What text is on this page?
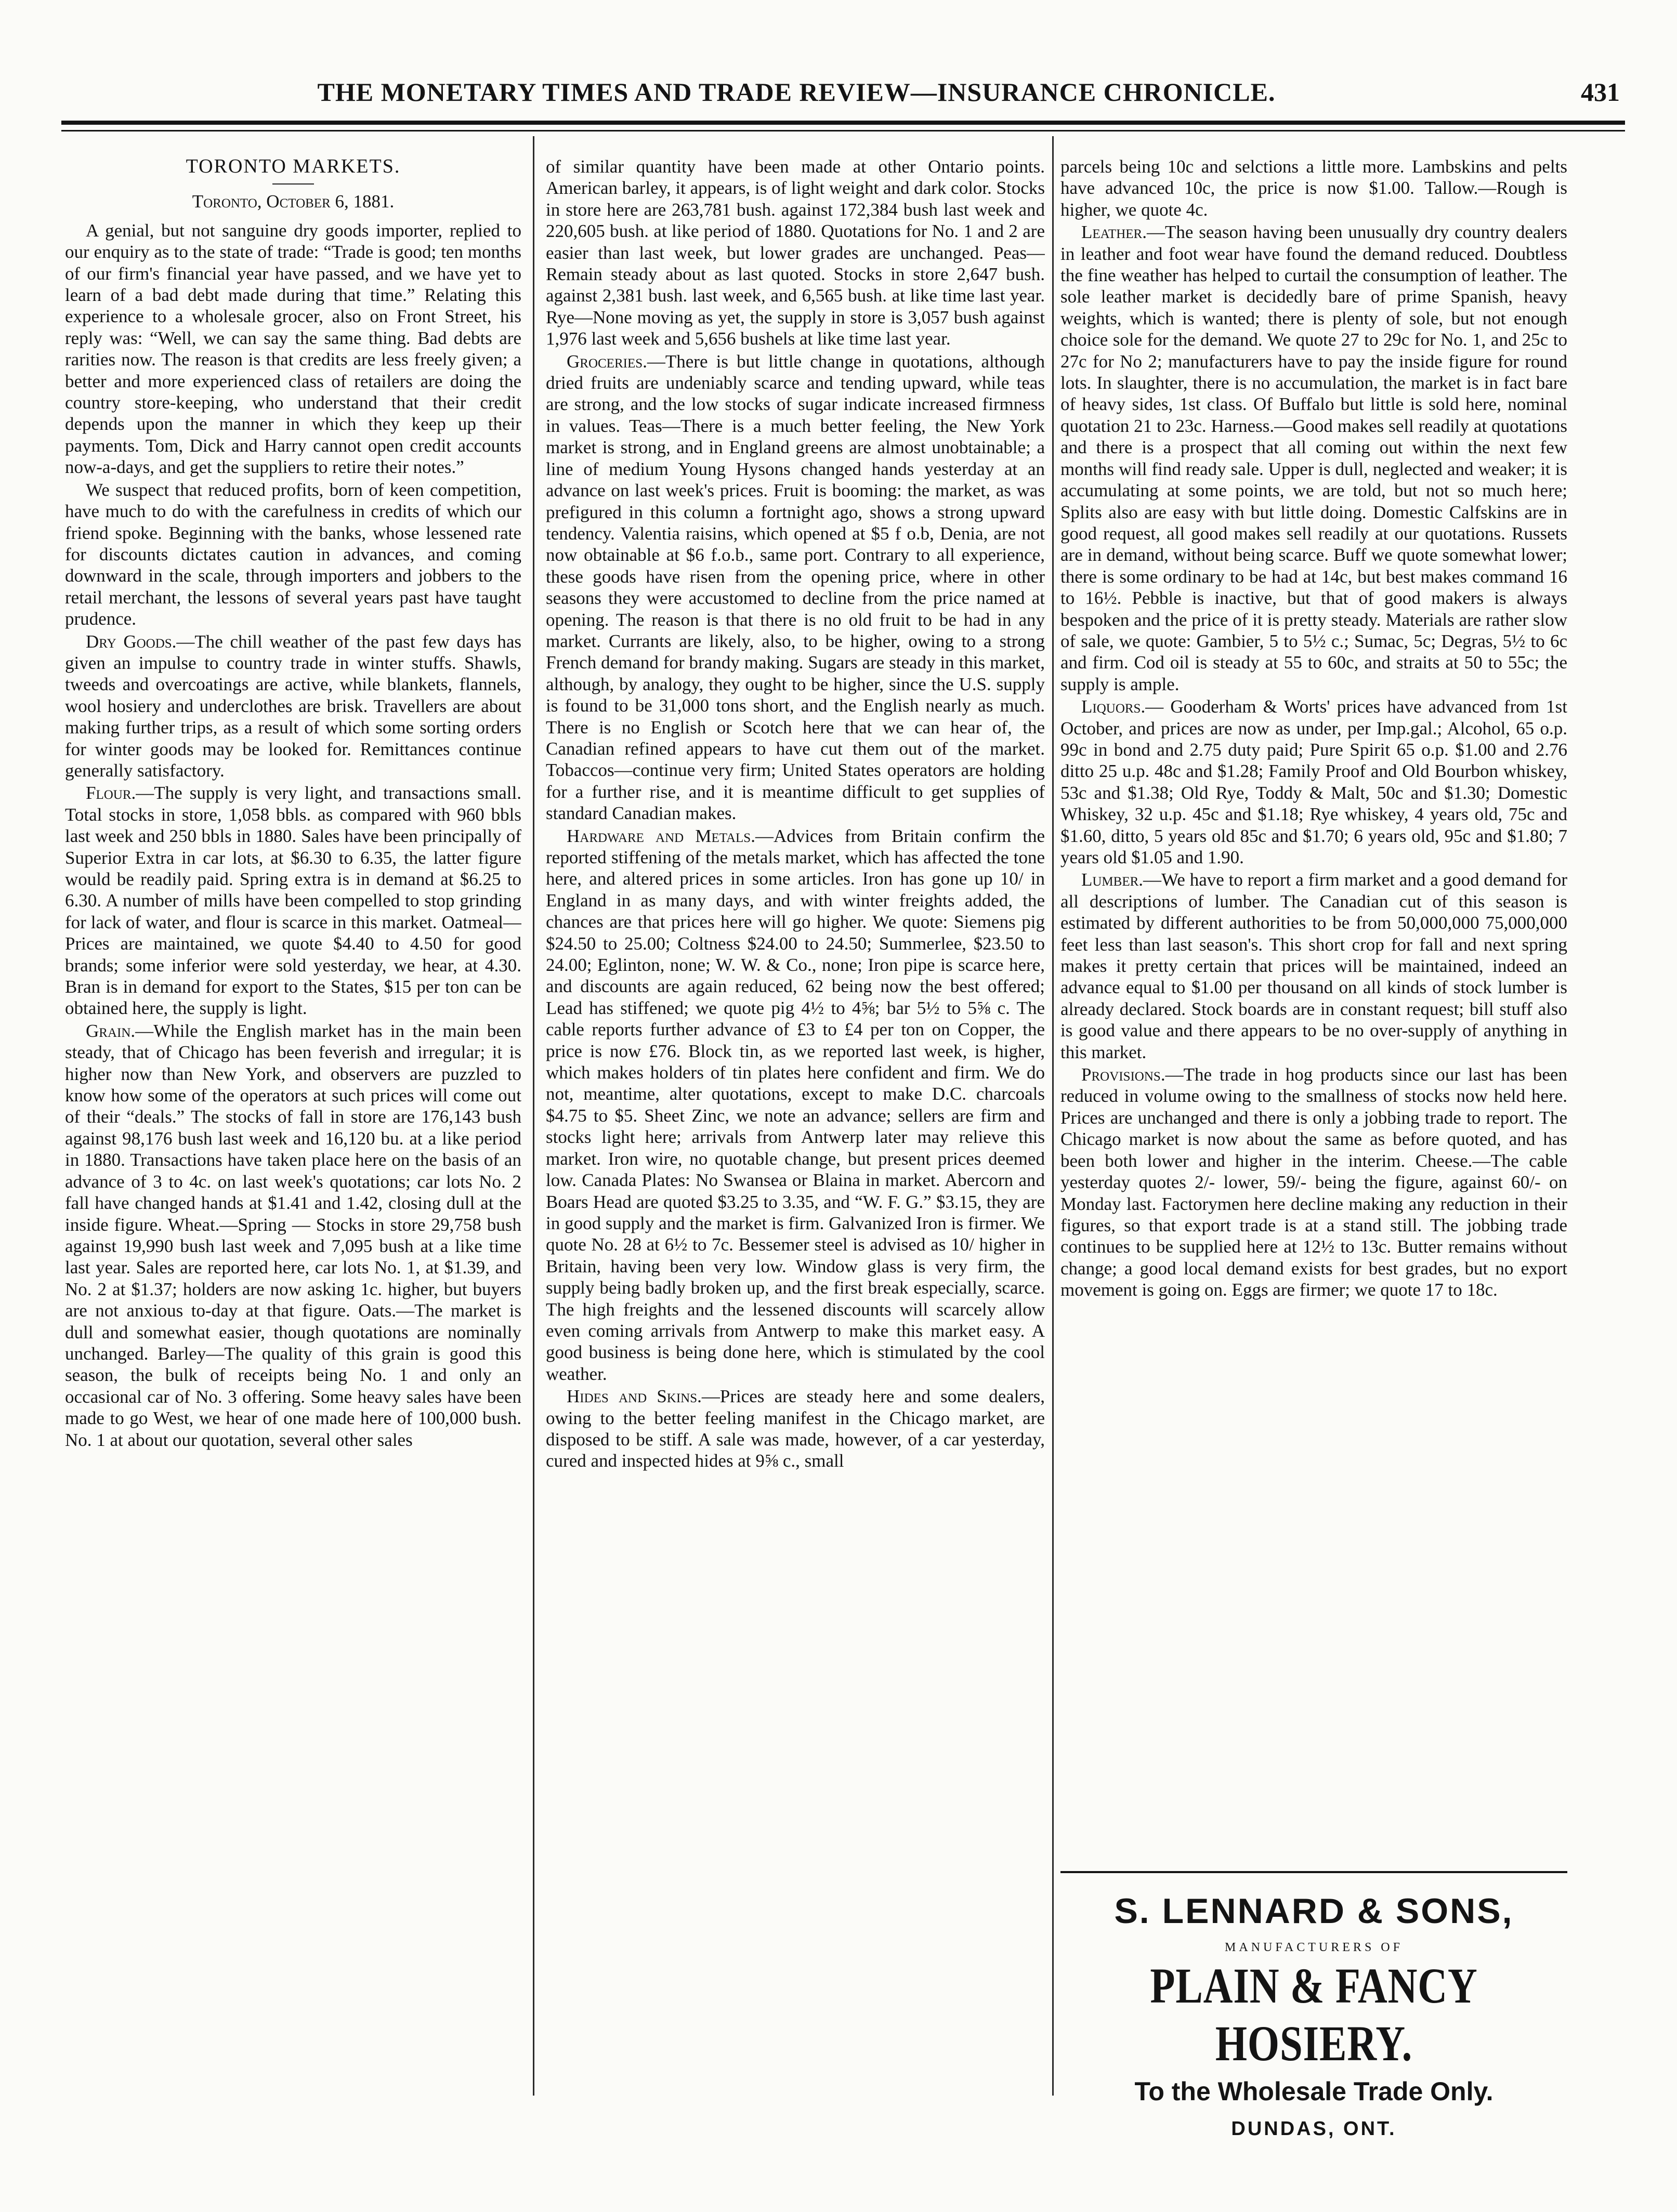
THE MONETARY TIMES AND TRADE REVIEW—INSURANCE CHRONICLE.	431
TORONTO MARKETS.
Toronto, October 6, 1881.

A genial, but not sanguine dry goods importer, replied to our enquiry as to the state of trade: “Trade is good; ten months of our firm's financial year have passed, and we have yet to learn of a bad debt made during that time.” Relating this experience to a wholesale grocer, also on Front Street, his reply was: “Well, we can say the same thing. Bad debts are rarities now. The reason is that credits are less freely given; a better and more experienced class of retailers are doing the country store-keeping, who understand that their credit depends upon the manner in which they keep up their payments. Tom, Dick and Harry cannot open credit accounts now-a-days, and get the suppliers to retire their notes.”

We suspect that reduced profits, born of keen competition, have much to do with the carefulness in credits of which our friend spoke. Beginning with the banks, whose lessened rate for discounts dictates caution in advances, and coming downward in the scale, through importers and jobbers to the retail merchant, the lessons of several years past have taught prudence.

Dry Goods.—The chill weather of the past few days has given an impulse to country trade in winter stuffs. Shawls, tweeds and overcoatings are active, while blankets, flannels, wool hosiery and underclothes are brisk. Travellers are about making further trips, as a result of which some sorting orders for winter goods may be looked for. Remittances continue generally satisfactory.

Flour.—The supply is very light, and transactions small. Total stocks in store, 1,058 bbls. as compared with 960 bbls last week and 250 bbls in 1880. Sales have been principally of Superior Extra in car lots, at $6.30 to 6.35, the latter figure would be readily paid. Spring extra is in demand at $6.25 to 6.30. A number of mills have been compelled to stop grinding for lack of water, and flour is scarce in this market. Oatmeal—Prices are maintained, we quote $4.40 to 4.50 for good brands; some inferior were sold yesterday, we hear, at 4.30. Bran is in demand for export to the States, $15 per ton can be obtained here, the supply is light.

Grain.—While the English market has in the main been steady, that of Chicago has been feverish and irregular; it is higher now than New York, and observers are puzzled to know how some of the operators at such prices will come out of their “deals.” The stocks of fall in store are 176,143 bush against 98,176 bush last week and 16,120 bu. at a like period in 1880. Transactions have taken place here on the basis of an advance of 3 to 4c. on last week's quotations; car lots No. 2 fall have changed hands at $1.41 and 1.42, closing dull at the inside figure. Wheat.—Spring — Stocks in store 29,758 bush against 19,990 bush last week and 7,095 bush at a like time last year. Sales are reported here, car lots No. 1, at $1.39, and No. 2 at $1.37; holders are now asking 1c. higher, but buyers are not anxious to-day at that figure. Oats.—The market is dull and somewhat easier, though quotations are nominally unchanged. Barley—The quality of this grain is good this season, the bulk of receipts being No. 1 and only an occasional car of No. 3 offering. Some heavy sales have been made to go West, we hear of one made here of 100,000 bush. No. 1 at about our quotation, several other sales

of similar quantity have been made at other Ontario points. American barley, it appears, is of light weight and dark color. Stocks in store here are 263,781 bush. against 172,384 bush last week and 220,605 bush. at like period of 1880. Quotations for No. 1 and 2 are easier than last week, but lower grades are unchanged. Peas—Remain steady about as last quoted. Stocks in store 2,647 bush. against 2,381 bush. last week, and 6,565 bush. at like time last year. Rye—None moving as yet, the supply in store is 3,057 bush against 1,976 last week and 5,656 bushels at like time last year.

Groceries.—There is but little change in quotations, although dried fruits are undeniably scarce and tending upward, while teas are strong, and the low stocks of sugar indicate increased firmness in values. Teas—There is a much better feeling, the New York market is strong, and in England greens are almost unobtainable; a line of medium Young Hysons changed hands yesterday at an advance on last week's prices. Fruit is booming: the market, as was prefigured in this column a fortnight ago, shows a strong upward tendency. Valentia raisins, which opened at $5 f o.b, Denia, are not now obtainable at $6 f.o.b., same port. Contrary to all experience, these goods have risen from the opening price, where in other seasons they were accustomed to decline from the price named at opening. The reason is that there is no old fruit to be had in any market. Currants are likely, also, to be higher, owing to a strong French demand for brandy making. Sugars are steady in this market, although, by analogy, they ought to be higher, since the U.S. supply is found to be 31,000 tons short, and the English nearly as much. There is no English or Scotch here that we can hear of, the Canadian refined appears to have cut them out of the market. Tobaccos—continue very firm; United States operators are holding for a further rise, and it is meantime difficult to get supplies of standard Canadian makes.

Hardware and Metals.—Advices from Britain confirm the reported stiffening of the metals market, which has affected the tone here, and altered prices in some articles. Iron has gone up 10/ in England in as many days, and with winter freights added, the chances are that prices here will go higher. We quote: Siemens pig $24.50 to 25.00; Coltness $24.00 to 24.50; Summerlee, $23.50 to 24.00; Eglinton, none; W. W. & Co., none; Iron pipe is scarce here, and discounts are again reduced, 62 being now the best offered; Lead has stiffened; we quote pig 4½ to 4⅝; bar 5½ to 5⅝ c. The cable reports further advance of £3 to £4 per ton on Copper, the price is now £76. Block tin, as we reported last week, is higher, which makes holders of tin plates here confident and firm. We do not, meantime, alter quotations, except to make D.C. charcoals $4.75 to $5. Sheet Zinc, we note an advance; sellers are firm and stocks light here; arrivals from Antwerp later may relieve this market. Iron wire, no quotable change, but present prices deemed low. Canada Plates: No Swansea or Blaina in market. Abercorn and Boars Head are quoted $3.25 to 3.35, and “W. F. G.” $3.15, they are in good supply and the market is firm. Galvanized Iron is firmer. We quote No. 28 at 6½ to 7c. Bessemer steel is advised as 10/ higher in Britain, having been very low. Window glass is very firm, the supply being badly broken up, and the first break especially, scarce. The high freights and the lessened discounts will scarcely allow even coming arrivals from Antwerp to make this market easy. A good business is being done here, which is stimulated by the cool weather.

Hides and Skins.—Prices are steady here and some dealers, owing to the better feeling manifest in the Chicago market, are disposed to be stiff. A sale was made, however, of a car yesterday, cured and inspected hides at 9⅝ c., small

parcels being 10c and selctions a little more. Lambskins and pelts have advanced 10c, the price is now $1.00. Tallow.—Rough is higher, we quote 4c.

Leather.—The season having been unusually dry country dealers in leather and foot wear have found the demand reduced. Doubtless the fine weather has helped to curtail the consumption of leather. The sole leather market is decidedly bare of prime Spanish, heavy weights, which is wanted; there is plenty of sole, but not enough choice sole for the demand. We quote 27 to 29c for No. 1, and 25c to 27c for No 2; manufacturers have to pay the inside figure for round lots. In slaughter, there is no accumulation, the market is in fact bare of heavy sides, 1st class. Of Buffalo but little is sold here, nominal quotation 21 to 23c. Harness.—Good makes sell readily at quotations and there is a prospect that all coming out within the next few months will find ready sale. Upper is dull, neglected and weaker; it is accumulating at some points, we are told, but not so much here; Splits also are easy with but little doing. Domestic Calfskins are in good request, all good makes sell readily at our quotations. Russets are in demand, without being scarce. Buff we quote somewhat lower; there is some ordinary to be had at 14c, but best makes command 16 to 16½. Pebble is inactive, but that of good makers is always bespoken and the price of it is pretty steady. Materials are rather slow of sale, we quote: Gambier, 5 to 5½ c.; Sumac, 5c; Degras, 5½ to 6c and firm. Cod oil is steady at 55 to 60c, and straits at 50 to 55c; the supply is ample.

Liquors.— Gooderham & Worts' prices have advanced from 1st October, and prices are now as under, per Imp.gal.; Alcohol, 65 o.p. 99c in bond and 2.75 duty paid; Pure Spirit 65 o.p. $1.00 and 2.76 ditto 25 u.p. 48c and $1.28; Family Proof and Old Bourbon whiskey, 53c and $1.38; Old Rye, Toddy & Malt, 50c and $1.30; Domestic Whiskey, 32 u.p. 45c and $1.18; Rye whiskey, 4 years old, 75c and $1.60, ditto, 5 years old 85c and $1.70; 6 years old, 95c and $1.80; 7 years old $1.05 and 1.90.

Lumber.—We have to report a firm market and a good demand for all descriptions of lumber. The Canadian cut of this season is estimated by different authorities to be from 50,000,000 75,000,000 feet less than last season's. This short crop for fall and next spring makes it pretty certain that prices will be maintained, indeed an advance equal to $1.00 per thousand on all kinds of stock lumber is already declared. Stock boards are in constant request; bill stuff also is good value and there appears to be no over-supply of anything in this market.

Provisions.—The trade in hog products since our last has been reduced in volume owing to the smallness of stocks now held here. Prices are unchanged and there is only a jobbing trade to report. The Chicago market is now about the same as before quoted, and has been both lower and higher in the interim. Cheese.—The cable yesterday quotes 2/- lower, 59/- being the figure, against 60/- on Monday last. Factorymen here decline making any reduction in their figures, so that export trade is at a stand still. The jobbing trade continues to be supplied here at 12½ to 13c. Butter remains without change; a good local demand exists for best grades, but no export movement is going on. Eggs are firmer; we quote 17 to 18c.

S. LENNARD & SONS,
MANUFACTURERS OF
PLAIN & FANCY HOSIERY.
To the Wholesale Trade Only.
DUNDAS, ONT.
